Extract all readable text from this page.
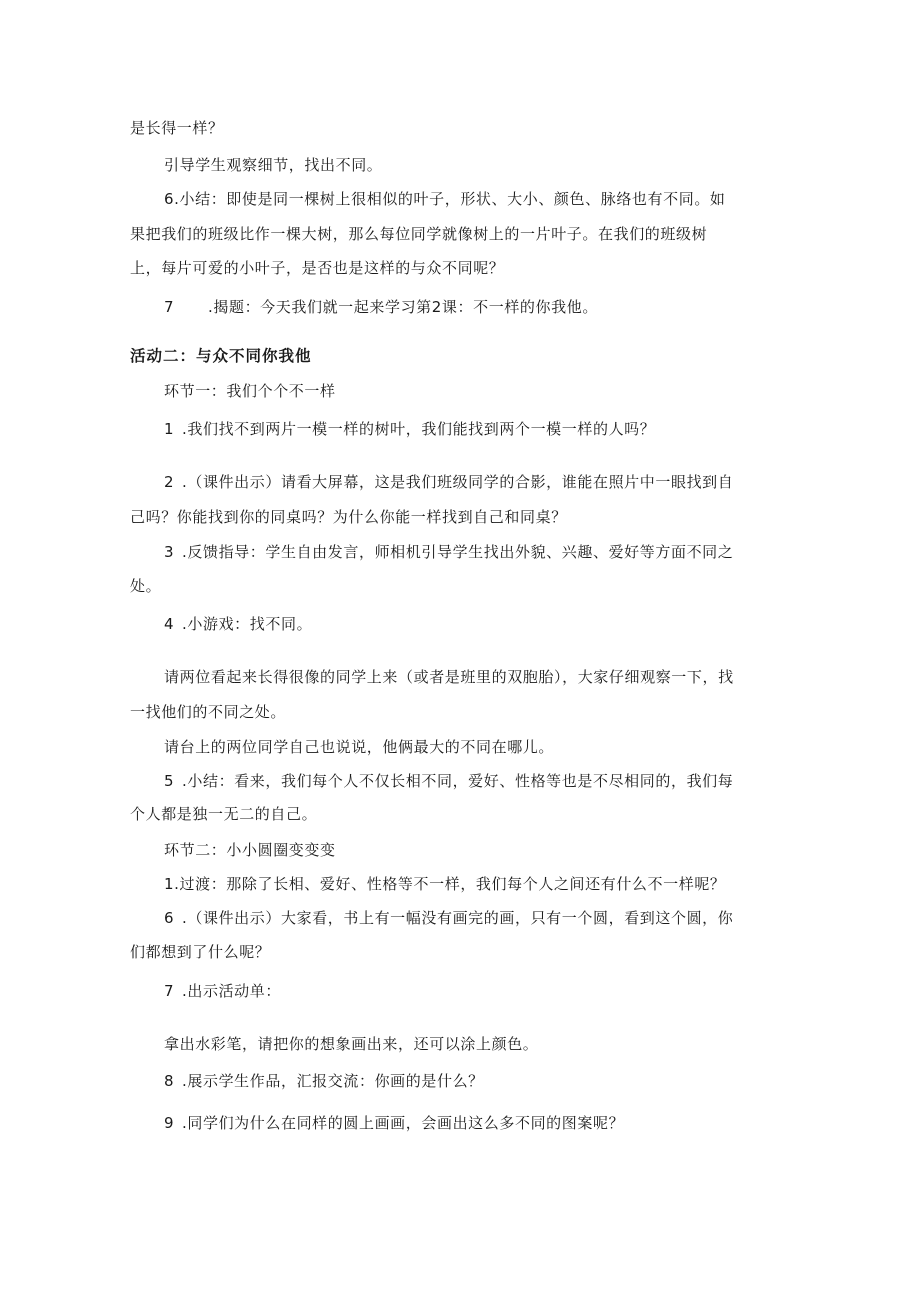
是长得一样？
引导学生观察细节，找出不同。
6.小结：即使是同一棵树上很相似的叶子，形状、大小、颜色、脉络也有不同。如
果把我们的班级比作一棵大树，那么每位同学就像树上的一片叶子。在我们的班级树
上，每片可爱的小叶子，是否也是这样的与众不同呢？
7 .揭题：今天我们就一起来学习第2课：不一样的你我他。
活动二：与众不同你我他
环节一：我们个个不一样
1 .我们找不到两片一模一样的树叶，我们能找到两个一模一样的人吗？
2 .（课件出示）请看大屏幕，这是我们班级同学的合影，谁能在照片中一眼找到自
己吗？你能找到你的同桌吗？为什么你能一样找到自己和同桌？
3 .反馈指导：学生自由发言，师相机引导学生找出外貌、兴趣、爱好等方面不同之
处。
4 .小游戏：找不同。
请两位看起来长得很像的同学上来（或者是班里的双胞胎），大家仔细观察一下，找
一找他们的不同之处。
请台上的两位同学自己也说说，他俩最大的不同在哪儿。
5 .小结：看来，我们每个人不仅长相不同，爱好、性格等也是不尽相同的，我们每
个人都是独一无二的自己。
环节二：小小圆圈变变变
1.过渡：那除了长相、爱好、性格等不一样，我们每个人之间还有什么不一样呢？
6 .（课件出示）大家看，书上有一幅没有画完的画，只有一个圆，看到这个圆，你
们都想到了什么呢？
7 .出示活动单：
拿出水彩笔，请把你的想象画出来，还可以涂上颜色。
8 .展示学生作品，汇报交流：你画的是什么？
9 .同学们为什么在同样的圆上画画，会画出这么多不同的图案呢？
